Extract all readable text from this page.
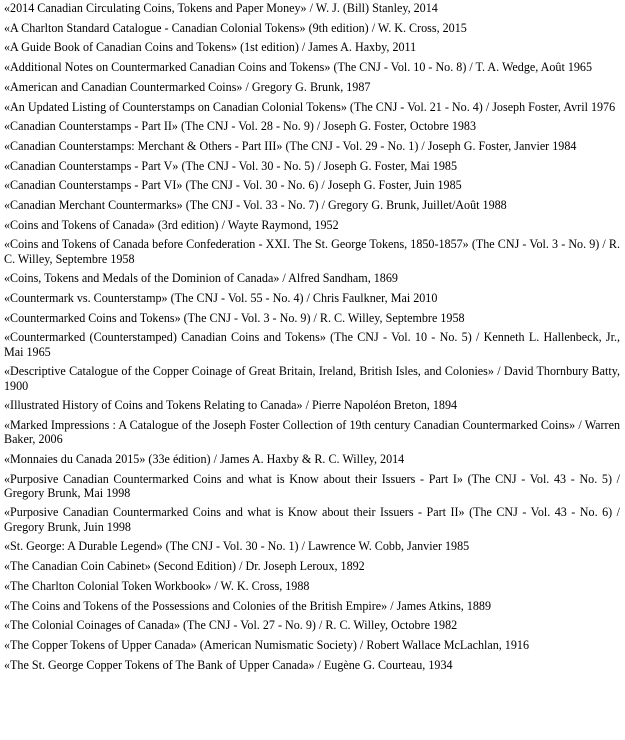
«2014 Canadian Circulating Coins, Tokens and Paper Money» / W. J. (Bill) Stanley, 2014
«A Charlton Standard Catalogue - Canadian Colonial Tokens» (9th edition) / W. K. Cross, 2015
«A Guide Book of Canadian Coins and Tokens» (1st edition) / James A. Haxby, 2011
«Additional Notes on Countermarked Canadian Coins and Tokens» (The CNJ - Vol. 10 - No. 8) / T. A. Wedge, Août 1965
«American and Canadian Countermarked Coins» / Gregory G. Brunk, 1987
«An Updated Listing of Counterstamps on Canadian Colonial Tokens» (The CNJ - Vol. 21 - No. 4) / Joseph Foster, Avril 1976
«Canadian Counterstamps - Part II» (The CNJ - Vol. 28 - No. 9) / Joseph G. Foster, Octobre 1983
«Canadian Counterstamps: Merchant & Others - Part III» (The CNJ - Vol. 29 - No. 1) / Joseph G. Foster, Janvier 1984
«Canadian Counterstamps - Part V» (The CNJ - Vol. 30 - No. 5) / Joseph G. Foster, Mai 1985
«Canadian Counterstamps - Part VI» (The CNJ - Vol. 30 - No. 6) / Joseph G. Foster, Juin 1985
«Canadian Merchant Countermarks» (The CNJ - Vol. 33 - No. 7) / Gregory G. Brunk, Juillet/Août 1988
«Coins and Tokens of Canada» (3rd edition) / Wayte Raymond, 1952
«Coins and Tokens of Canada before Confederation - XXI. The St. George Tokens, 1850-1857» (The CNJ - Vol. 3 - No. 9) / R. C. Willey, Septembre 1958
«Coins, Tokens and Medals of the Dominion of Canada» / Alfred Sandham, 1869
«Countermark vs. Counterstamp» (The CNJ - Vol. 55 - No. 4) / Chris Faulkner, Mai 2010
«Countermarked Coins and Tokens» (The CNJ - Vol. 3 - No. 9) / R. C. Willey, Septembre 1958
«Countermarked (Counterstamped) Canadian Coins and Tokens» (The CNJ - Vol. 10 - No. 5) / Kenneth L. Hallenbeck, Jr., Mai 1965
«Descriptive Catalogue of the Copper Coinage of Great Britain, Ireland, British Isles, and Colonies» / David Thornbury Batty, 1900
«Illustrated History of Coins and Tokens Relating to Canada» / Pierre Napoléon Breton, 1894
«Marked Impressions : A Catalogue of the Joseph Foster Collection of 19th century Canadian Countermarked Coins» / Warren Baker, 2006
«Monnaies du Canada 2015» (33e édition) / James A. Haxby & R. C. Willey, 2014
«Purposive Canadian Countermarked Coins and what is Know about their Issuers - Part I» (The CNJ - Vol. 43 - No. 5) / Gregory Brunk, Mai 1998
«Purposive Canadian Countermarked Coins and what is Know about their Issuers - Part II» (The CNJ - Vol. 43 - No. 6) / Gregory Brunk, Juin 1998
«St. George: A Durable Legend» (The CNJ - Vol. 30 - No. 1) / Lawrence W. Cobb, Janvier 1985
«The Canadian Coin Cabinet» (Second Edition) / Dr. Joseph Leroux, 1892
«The Charlton Colonial Token Workbook» / W. K. Cross, 1988
«The Coins and Tokens of the Possessions and Colonies of the British Empire» / James Atkins, 1889
«The Colonial Coinages of Canada» (The CNJ - Vol. 27 - No. 9) / R. C. Willey, Octobre 1982
«The Copper Tokens of Upper Canada» (American Numismatic Society) / Robert Wallace McLachlan, 1916
«The St. George Copper Tokens of The Bank of Upper Canada» / Eugène G. Courteau, 1934
